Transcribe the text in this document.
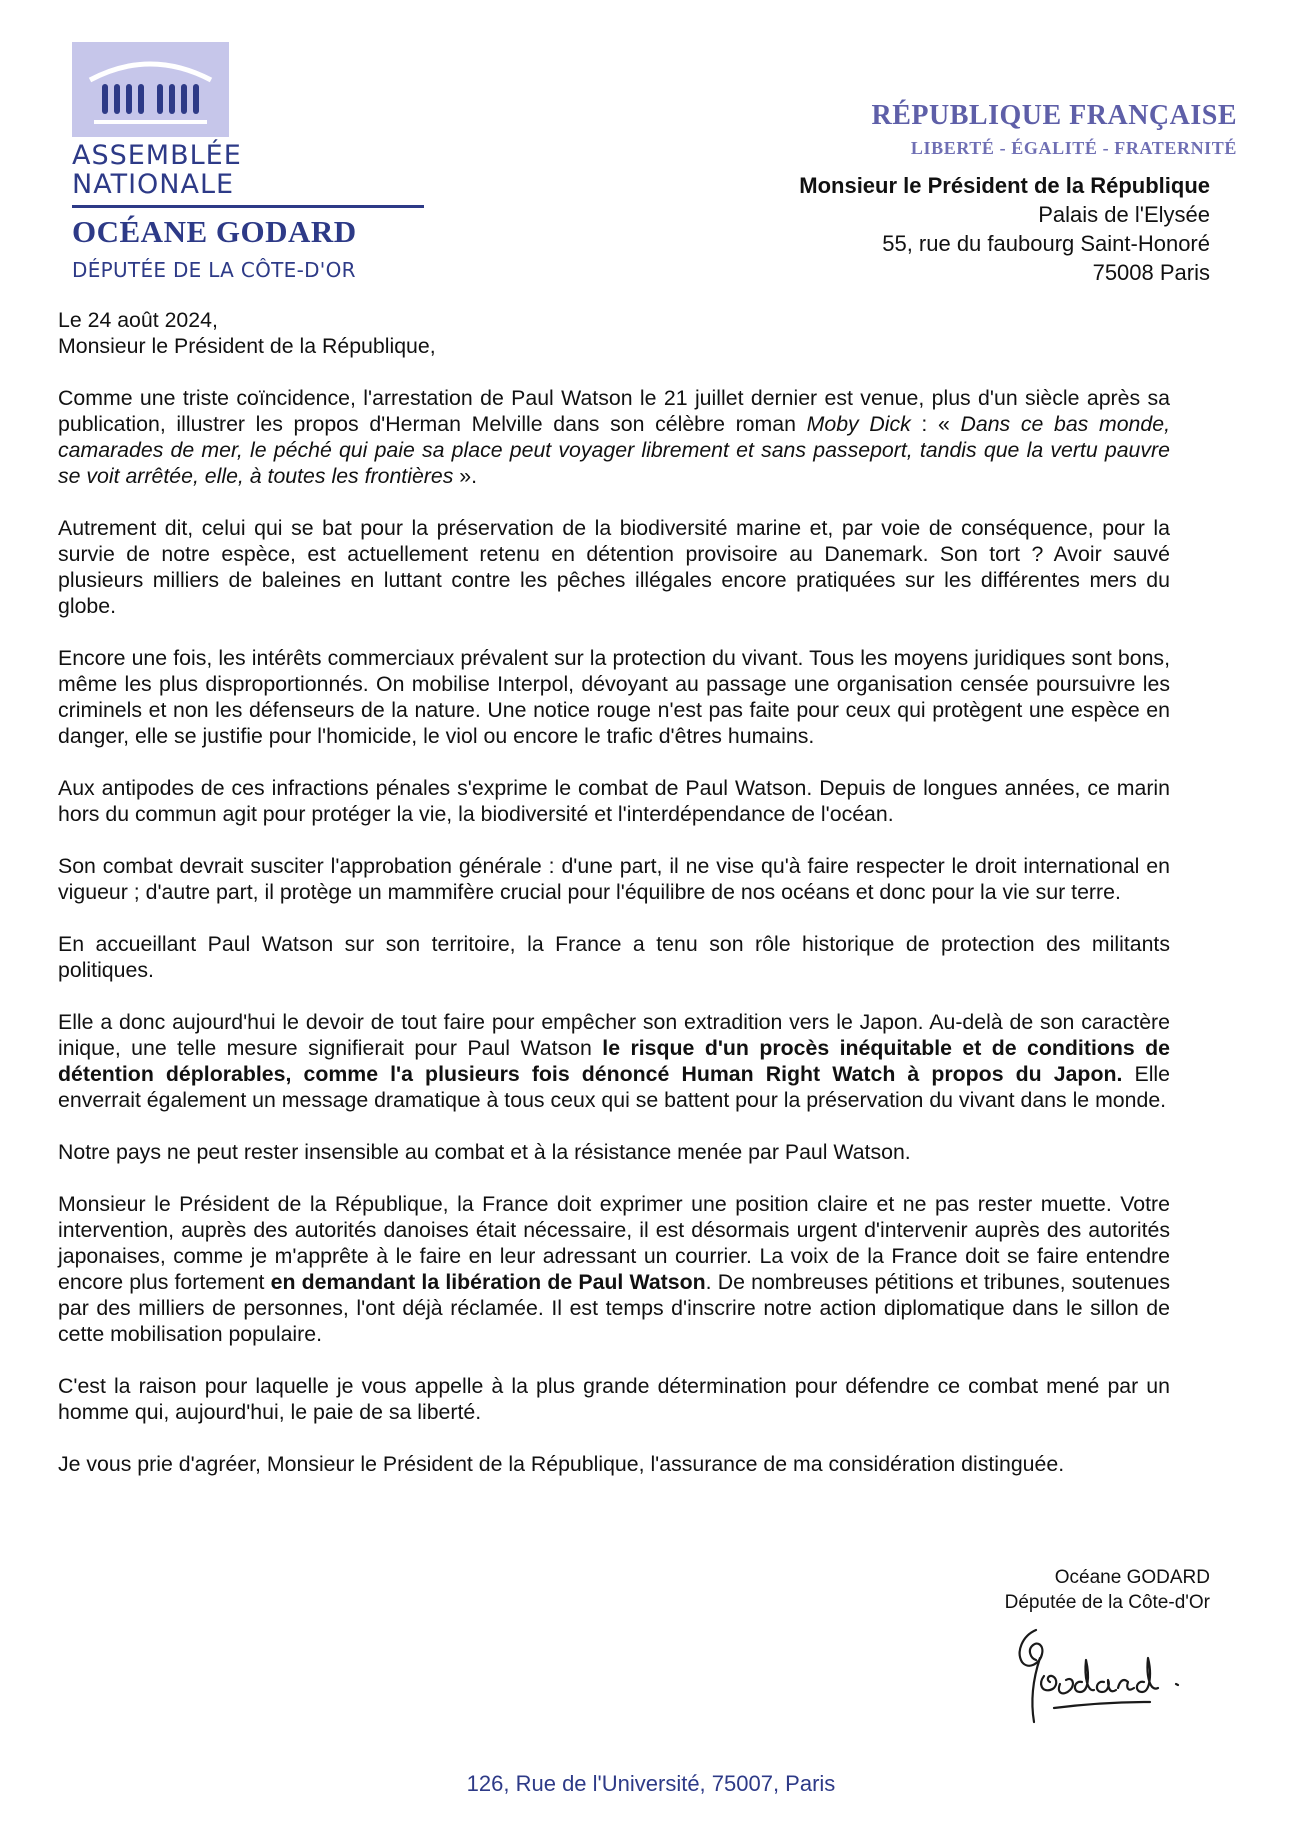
ASSEMBLÉE
NATIONALE
OCÉANE GODARD
DÉPUTÉE DE LA CÔTE-D'OR
RÉPUBLIQUE FRANÇAISE
LIBERTÉ - ÉGALITÉ - FRATERNITÉ
Monsieur le Président de la République
Palais de l'Elysée
55, rue du faubourg Saint-Honoré
75008 Paris

Le 24 août 2024,

Monsieur le Président de la République,

Comme une triste coïncidence, l'arrestation de Paul Watson le 21 juillet dernier est venue, plus d'un siècle après sa publication, illustrer les propos d'Herman Melville dans son célèbre roman Moby Dick : « Dans ce bas monde, camarades de mer, le péché qui paie sa place peut voyager librement et sans passeport, tandis que la vertu pauvre se voit arrêtée, elle, à toutes les frontières ».

Autrement dit, celui qui se bat pour la préservation de la biodiversité marine et, par voie de conséquence, pour la survie de notre espèce, est actuellement retenu en détention provisoire au Danemark. Son tort ? Avoir sauvé plusieurs milliers de baleines en luttant contre les pêches illégales encore pratiquées sur les différentes mers du globe.

Encore une fois, les intérêts commerciaux prévalent sur la protection du vivant. Tous les moyens juridiques sont bons, même les plus disproportionnés. On mobilise Interpol, dévoyant au passage une organisation censée poursuivre les criminels et non les défenseurs de la nature. Une notice rouge n'est pas faite pour ceux qui protègent une espèce en danger, elle se justifie pour l'homicide, le viol ou encore le trafic d'êtres humains.

Aux antipodes de ces infractions pénales s'exprime le combat de Paul Watson. Depuis de longues années, ce marin hors du commun agit pour protéger la vie, la biodiversité et l'interdépendance de l'océan.

Son combat devrait susciter l'approbation générale : d'une part, il ne vise qu'à faire respecter le droit international en vigueur ; d'autre part, il protège un mammifère crucial pour l'équilibre de nos océans et donc pour la vie sur terre.

En accueillant Paul Watson sur son territoire, la France a tenu son rôle historique de protection des militants politiques.

Elle a donc aujourd'hui le devoir de tout faire pour empêcher son extradition vers le Japon. Au-delà de son caractère inique, une telle mesure signifierait pour Paul Watson le risque d'un procès inéquitable et de conditions de détention déplorables, comme l'a plusieurs fois dénoncé Human Right Watch à propos du Japon. Elle enverrait également un message dramatique à tous ceux qui se battent pour la préservation du vivant dans le monde.

Notre pays ne peut rester insensible au combat et à la résistance menée par Paul Watson.

Monsieur le Président de la République, la France doit exprimer une position claire et ne pas rester muette. Votre intervention, auprès des autorités danoises était nécessaire, il est désormais urgent d'intervenir auprès des autorités japonaises, comme je m'apprête à le faire en leur adressant un courrier. La voix de la France doit se faire entendre encore plus fortement en demandant la libération de Paul Watson. De nombreuses pétitions et tribunes, soutenues par des milliers de personnes, l'ont déjà réclamée. Il est temps d'inscrire notre action diplomatique dans le sillon de cette mobilisation populaire.

C'est la raison pour laquelle je vous appelle à la plus grande détermination pour défendre ce combat mené par un homme qui, aujourd'hui, le paie de sa liberté.

Je vous prie d'agréer, Monsieur le Président de la République, l'assurance de ma considération distinguée.

Océane GODARD
Députée de la Côte-d'Or
126, Rue de l'Université, 75007, Paris
